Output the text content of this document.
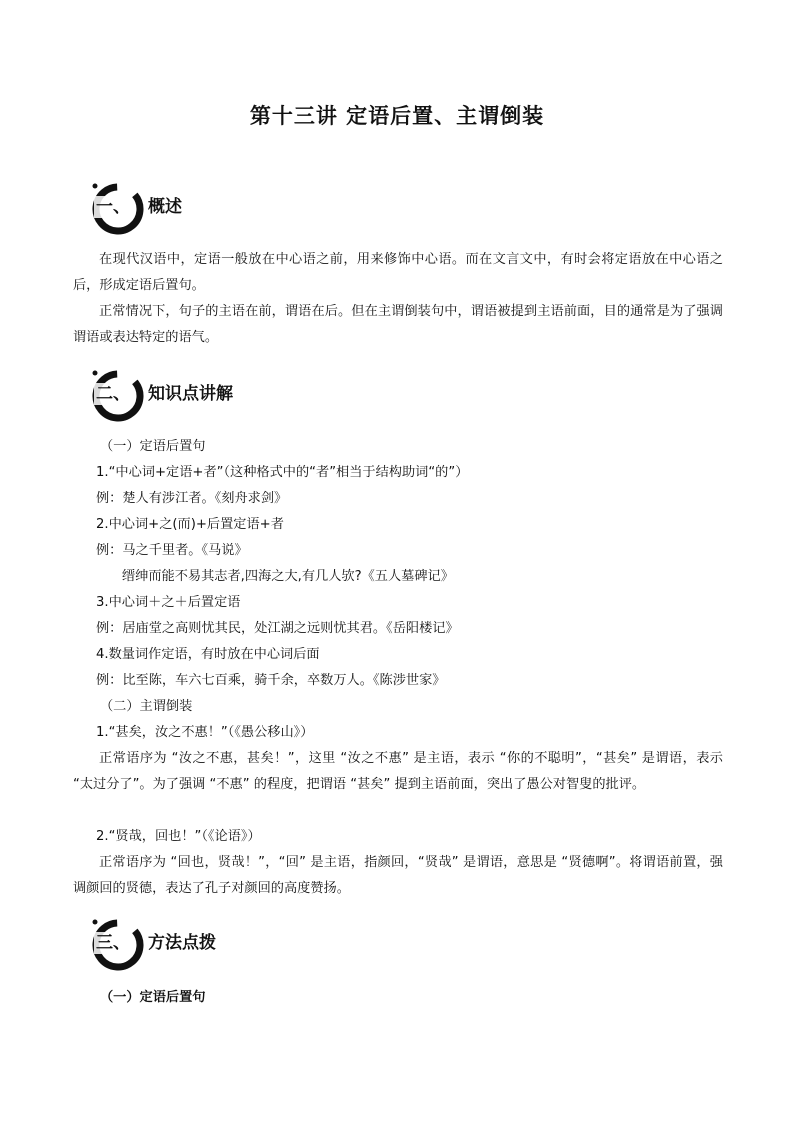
第十三讲 定语后置、主谓倒装
一、 概述

在现代汉语中，定语一般放在中心语之前，用来修饰中心语。而在文言文中，有时会将定语放在中心语之后，形成定语后置句。

正常情况下，句子的主语在前，谓语在后。但在主谓倒装句中，谓语被提到主语前面，目的通常是为了强调谓语或表达特定的语气。

二、 知识点讲解

（一）定语后置句

1.“中心词+定语+者”（这种格式中的“者”相当于结构助词“的”）

例：楚人有涉江者。《刻舟求剑》

2.中心词+之(而)+后置定语+者

例：马之千里者。《马说》

缙绅而能不易其志者,四海之大,有几人欤?《五人墓碑记》

3.中心词＋之＋后置定语

例：居庙堂之高则忧其民，处江湖之远则忧其君。《岳阳楼记》

4.数量词作定语，有时放在中心词后面

例：比至陈，车六七百乘，骑千余，卒数万人。《陈涉世家》

（二）主谓倒装

1.“甚矣，汝之不惠！”（《愚公移山》）

正常语序为 “汝之不惠，甚矣！”，这里 “汝之不惠” 是主语，表示 “你的不聪明”，“甚矣” 是谓语，表示 “太过分了”。为了强调 “不惠” 的程度，把谓语 “甚矣” 提到主语前面，突出了愚公对智叟的批评。

2.“贤哉，回也！”（《论语》）

正常语序为 “回也，贤哉！”，“回” 是主语，指颜回，“贤哉” 是谓语，意思是 “贤德啊”。将谓语前置，强调颜回的贤德，表达了孔子对颜回的高度赞扬。

三、 方法点拨

（一）定语后置句
